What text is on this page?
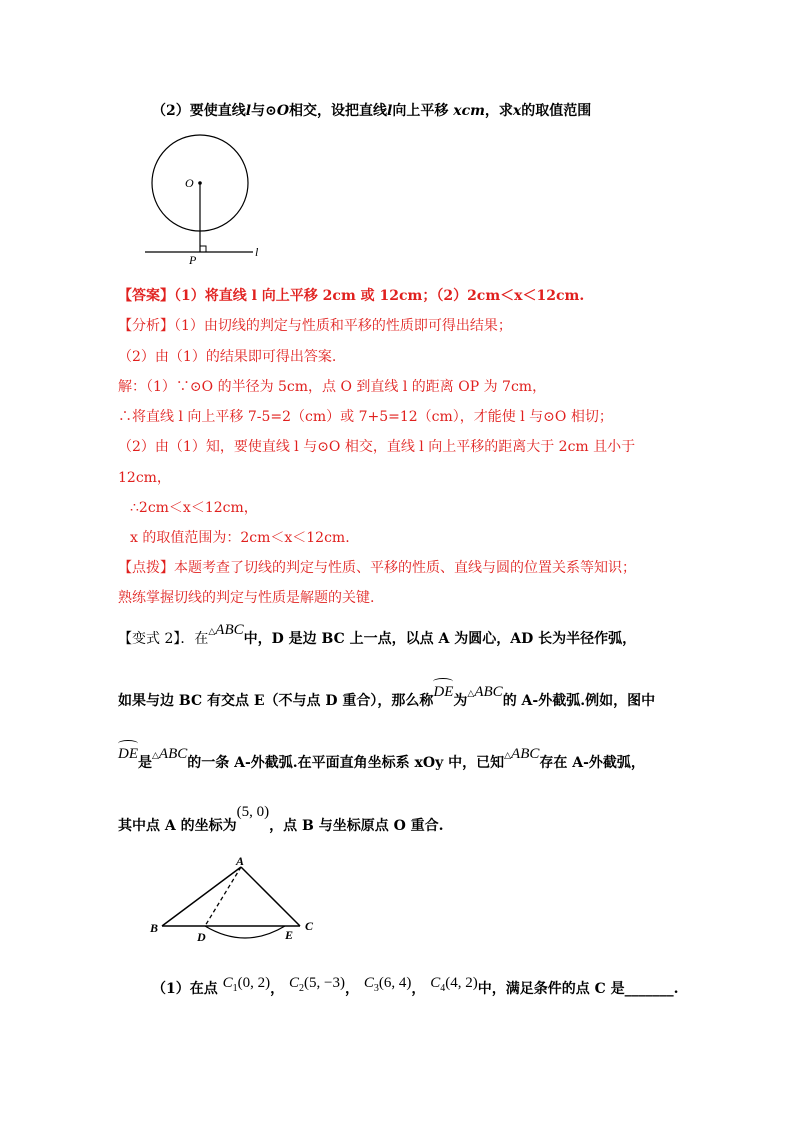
（2）要使直线l与⊙O相交，设把直线l向上平移 xcm，求x的取值范围
O
P
l
【答案】（1）将直线 l 向上平移 2cm 或 12cm；（2）2cm＜x＜12cm.
【分析】（1）由切线的判定与性质和平移的性质即可得出结果；
（2）由（1）的结果即可得出答案.
解：（1）∵⊙O 的半径为 5cm，点 O 到直线 l 的距离 OP 为 7cm，
∴将直线 l 向上平移 7-5=2（cm）或 7+5=12（cm），才能使 l 与⊙O 相切；
（2）由（1）知，要使直线 l 与⊙O 相交，直线 l 向上平移的距离大于 2cm 且小于
12cm，
∴2cm＜x＜12cm，
x 的取值范围为：2cm＜x＜12cm.
【点拨】本题考查了切线的判定与性质、平移的性质、直线与圆的位置关系等知识；
熟练掌握切线的判定与性质是解题的关键.
【变式 2】．在△ABC中，D 是边 BC 上一点，以点 A 为圆心，AD 长为半径作弧，
如果与边 BC 有交点 E（不与点 D 重合），那么称DE为△ABC的 A-外截弧.例如，图中
DE是△ABC的一条 A-外截弧.在平面直角坐标系 xOy 中，已知△ABC存在 A-外截弧，
其中点 A 的坐标为(5, 0)，点 B 与坐标原点 O 重合.
A
B	C
D	E
（1）在点 $C_1(0$, 2)， $C_2(5$, −3)， $C_3(6$, 4)， $C_4(4$, 2)中，满足条件的点 C 是_______.
